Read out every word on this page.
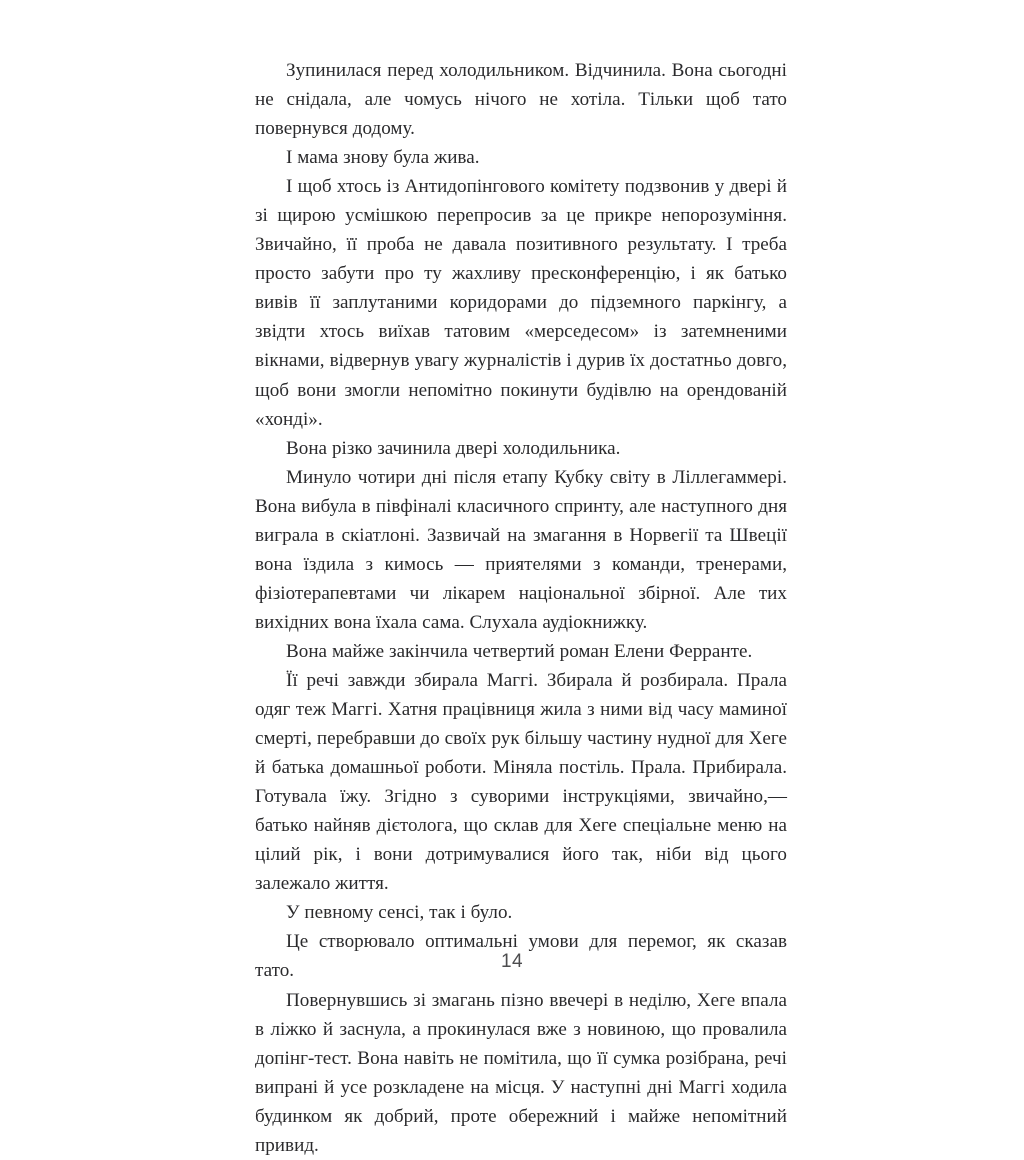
Зупинилася перед холодильником. Відчинила. Вона сьогодні не снідала, але чомусь нічого не хотіла. Тільки щоб тато повернувся додому.

І мама знову була жива.

І щоб хтось із Антидопінгового комітету подзвонив у двері й зі щирою усмішкою перепросив за це прикре непорозуміння. Звичайно, її проба не давала позитивного результату. І треба просто забути про ту жахливу пресконференцію, і як батько вивів її заплутаними коридорами до підземного паркінгу, а звідти хтось виїхав татовим «мерседесом» із затемненими вікнами, відвернув увагу журналістів і дурив їх достатньо довго, щоб вони змогли непомітно покинути будівлю на орендованій «хонді».

Вона різко зачинила двері холодильника.

Минуло чотири дні після етапу Кубку світу в Ліллегаммері. Вона вибула в півфіналі класичного спринту, але наступного дня виграла в скіатлоні. Зазвичай на змагання в Норвегії та Швеції вона їздила з кимось — приятелями з команди, тренерами, фізіотерапевтами чи лікарем національної збірної. Але тих вихідних вона їхала сама. Слухала аудіокнижку.

Вона майже закінчила четвертий роман Елени Ферранте.

Її речі завжди збирала Маггі. Збирала й розбирала. Прала одяг теж Маггі. Хатня працівниця жила з ними від часу маминої смерті, перебравши до своїх рук більшу частину нудної для Хеге й батька домашньої роботи. Міняла постіль. Прала. Прибирала. Готувала їжу. Згідно з суворими інструкціями, звичайно,— батько найняв дієтолога, що склав для Хеге спеціальне меню на цілий рік, і вони дотримувалися його так, ніби від цього залежало життя.

У певному сенсі, так і було.

Це створювало оптимальні умови для перемог, як сказав тато.

Повернувшись зі змагань пізно ввечері в неділю, Хеге впала в ліжко й заснула, а прокинулася вже з новиною, що провалила допінг-тест. Вона навіть не помітила, що її сумка розібрана, речі випрані й усе розкладене на місця. У наступні дні Маггі ходила будинком як добрий, проте обережний і майже непомітний привид.

14
